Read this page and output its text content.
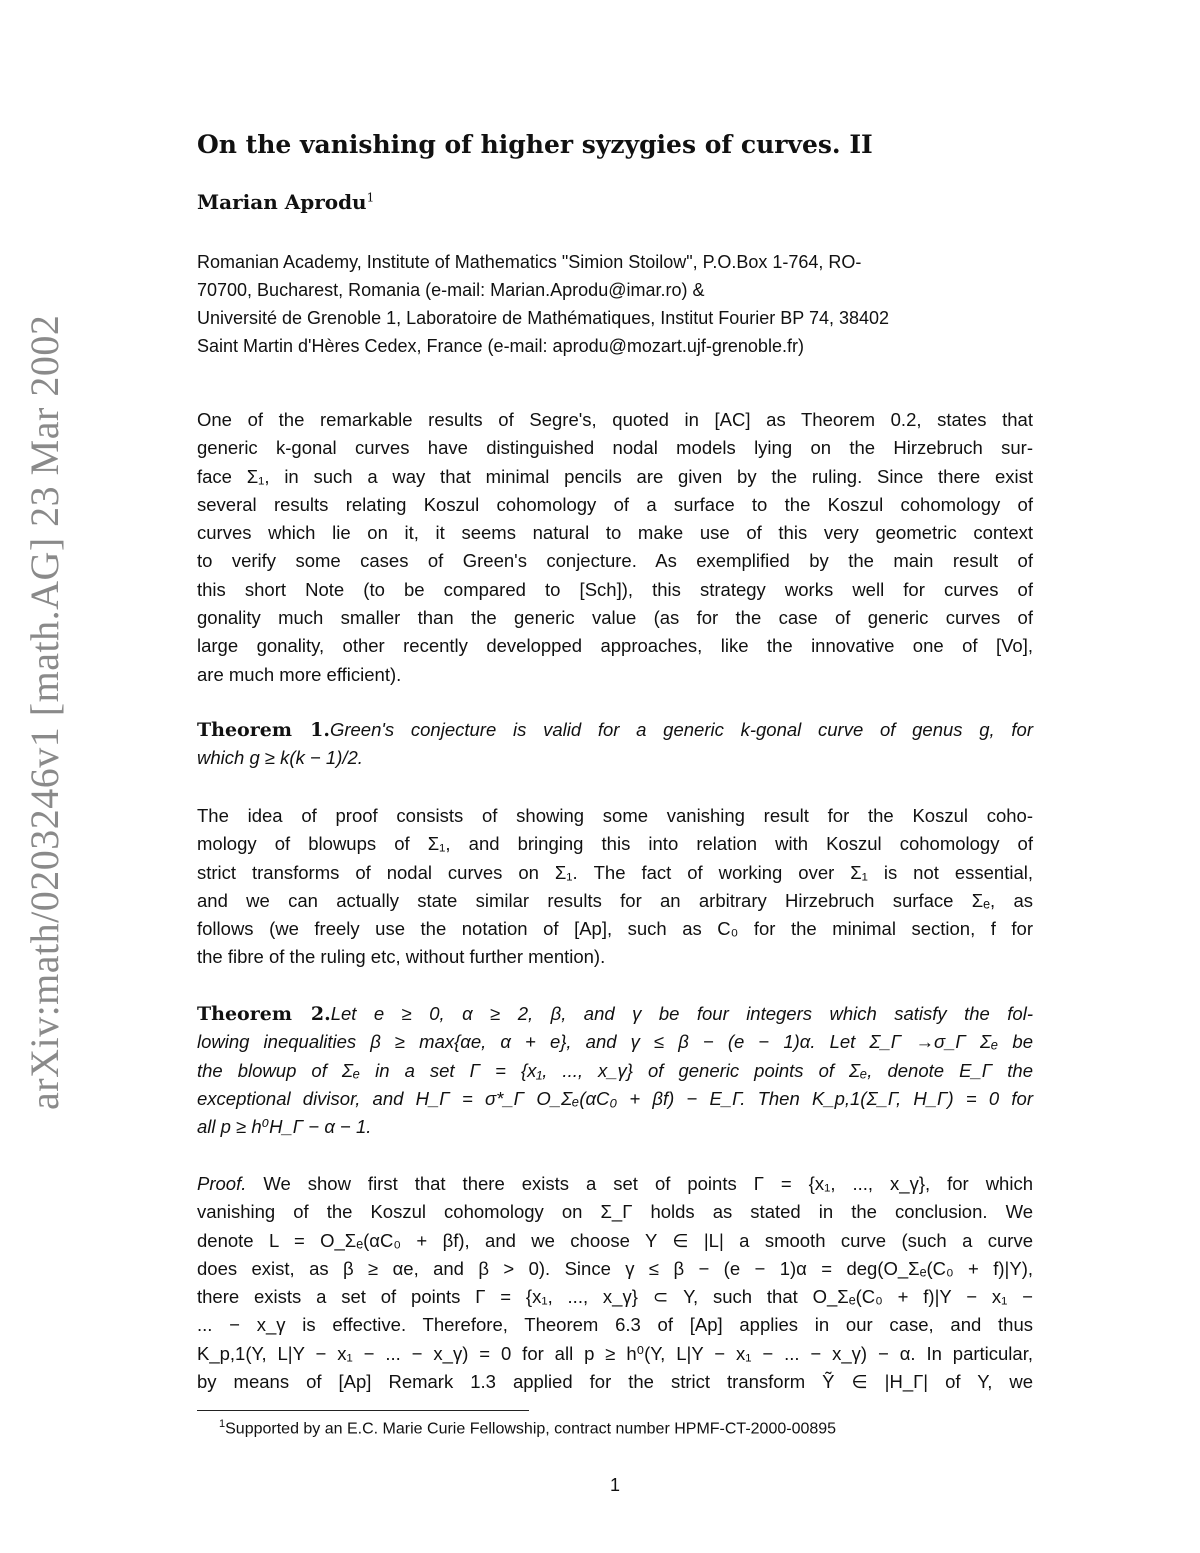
arXiv:math/0203246v1 [math.AG] 23 Mar 2002
On the vanishing of higher syzygies of curves. II
Marian Aprodu$^1$
Romanian Academy, Institute of Mathematics "Simion Stoilow", P.O.Box 1-764, RO-
70700, Bucharest, Romania (e-mail: Marian.Aprodu@imar.ro) &
Université de Grenoble 1, Laboratoire de Mathématiques, Institut Fourier BP 74, 38402
Saint Martin d'Hères Cedex, France (e-mail: aprodu@mozart.ujf-grenoble.fr)
One of the remarkable results of Segre's, quoted in [AC] as Theorem 0.2, states that
generic k-gonal curves have distinguished nodal models lying on the Hirzebruch sur-
face Σ₁, in such a way that minimal pencils are given by the ruling. Since there exist
several results relating Koszul cohomology of a surface to the Koszul cohomology of
curves which lie on it, it seems natural to make use of this very geometric context
to verify some cases of Green's conjecture. As exemplified by the main result of
this short Note (to be compared to [Sch]), this strategy works well for curves of
gonality much smaller than the generic value (as for the case of generic curves of
large gonality, other recently developped approaches, like the innovative one of [Vo],
are much more efficient).
Theorem 1.Green's conjecture is valid for a generic k-gonal curve of genus g, for
which g ≥ k(k − 1)/2.
The idea of proof consists of showing some vanishing result for the Koszul coho-
mology of blowups of Σ₁, and bringing this into relation with Koszul cohomology of
strict transforms of nodal curves on Σ₁. The fact of working over Σ₁ is not essential,
and we can actually state similar results for an arbitrary Hirzebruch surface Σₑ, as
follows (we freely use the notation of [Ap], such as C₀ for the minimal section, f for
the fibre of the ruling etc, without further mention).
Theorem 2.Let e ≥ 0, α ≥ 2, β, and γ be four integers which satisfy the fol-
lowing inequalities β ≥ max{αe, α + e}, and γ ≤ β − (e − 1)α. Let Σ_Γ →σ_Γ Σₑ be
the blowup of Σₑ in a set Γ = {x₁, ..., x_γ} of generic points of Σₑ, denote E_Γ the
exceptional divisor, and H_Γ = σ*_Γ O_Σₑ(αC₀ + βf) − E_Γ. Then K_p,1(Σ_Γ, H_Γ) = 0 for
all p ≥ h⁰H_Γ − α − 1.
Proof. We show first that there exists a set of points Γ = {x₁, ..., x_γ}, for which
vanishing of the Koszul cohomology on Σ_Γ holds as stated in the conclusion. We
denote L = O_Σₑ(αC₀ + βf), and we choose Y ∈ |L| a smooth curve (such a curve
does exist, as β ≥ αe, and β > 0). Since γ ≤ β − (e − 1)α = deg(O_Σₑ(C₀ + f)|Y),
there exists a set of points Γ = {x₁, ..., x_γ} ⊂ Y, such that O_Σₑ(C₀ + f)|Y − x₁ −
... − x_γ is effective. Therefore, Theorem 6.3 of [Ap] applies in our case, and thus
K_p,1(Y, L|Y − x₁ − ... − x_γ) = 0 for all p ≥ h⁰(Y, L|Y − x₁ − ... − x_γ) − α. In particular,
by means of [Ap] Remark 1.3 applied for the strict transform Ỹ ∈ |H_Γ| of Y, we
$^1$Supported by an E.C. Marie Curie Fellowship, contract number HPMF-CT-2000-00895
1
